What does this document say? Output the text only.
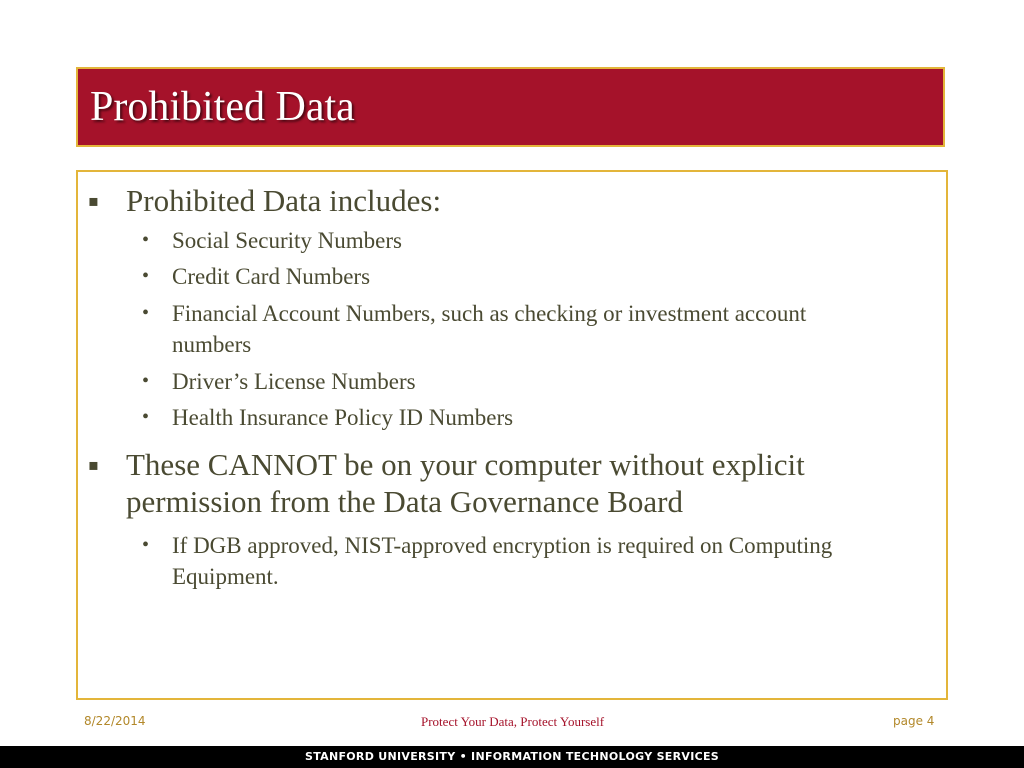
Prohibited Data
▪ Prohibited Data includes:
• Social Security Numbers
• Credit Card Numbers
• Financial Account Numbers, such as checking or investment account numbers
• Driver’s License Numbers
• Health Insurance Policy ID Numbers
▪ These CANNOT be on your computer without explicit permission from the Data Governance Board
• If DGB approved, NIST-approved encryption is required on Computing Equipment.
8/22/2014	Protect Your Data, Protect Yourself	page 4
STANFORD UNIVERSITY • INFORMATION TECHNOLOGY SERVICES
